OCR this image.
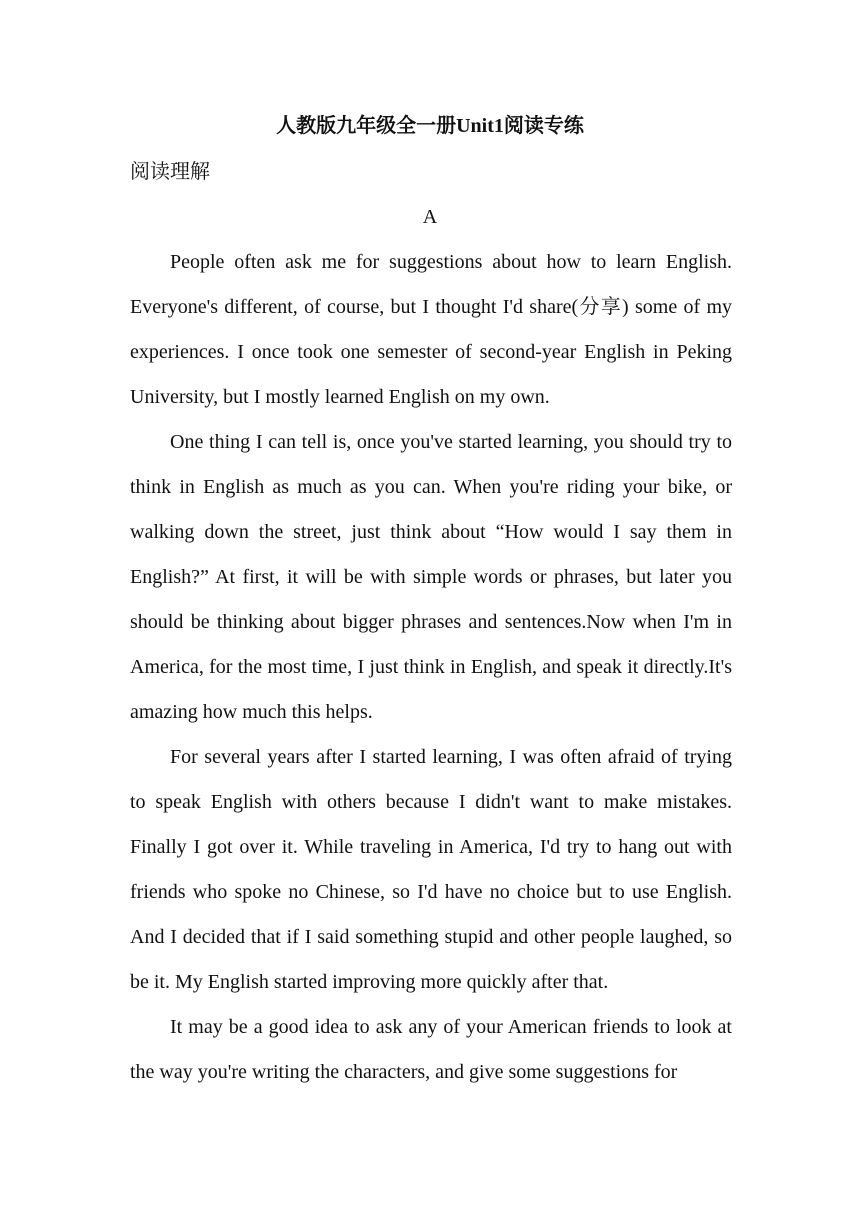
人教版九年级全一册Unit1阅读专练
阅读理解
A

People often ask me for suggestions about how to learn English. Everyone's different, of course, but I thought I'd share(分享) some of my experiences. I once took one semester of second-year English in Peking University, but I mostly learned English on my own.

One thing I can tell is, once you've started learning, you should try to think in English as much as you can. When you're riding your bike, or walking down the street, just think about “How would I say them in English?” At first, it will be with simple words or phrases, but later you should be thinking about bigger phrases and sentences.Now when I'm in America, for the most time, I just think in English, and speak it directly.It's amazing how much this helps.

For several years after I started learning, I was often afraid of trying to speak English with others because I didn't want to make mistakes. Finally I got over it. While traveling in America, I'd try to hang out with friends who spoke no Chinese, so I'd have no choice but to use English. And I decided that if I said something stupid and other people laughed, so be it. My English started improving more quickly after that.

It may be a good idea to ask any of your American friends to look at the way you're writing the characters, and give some suggestions for
